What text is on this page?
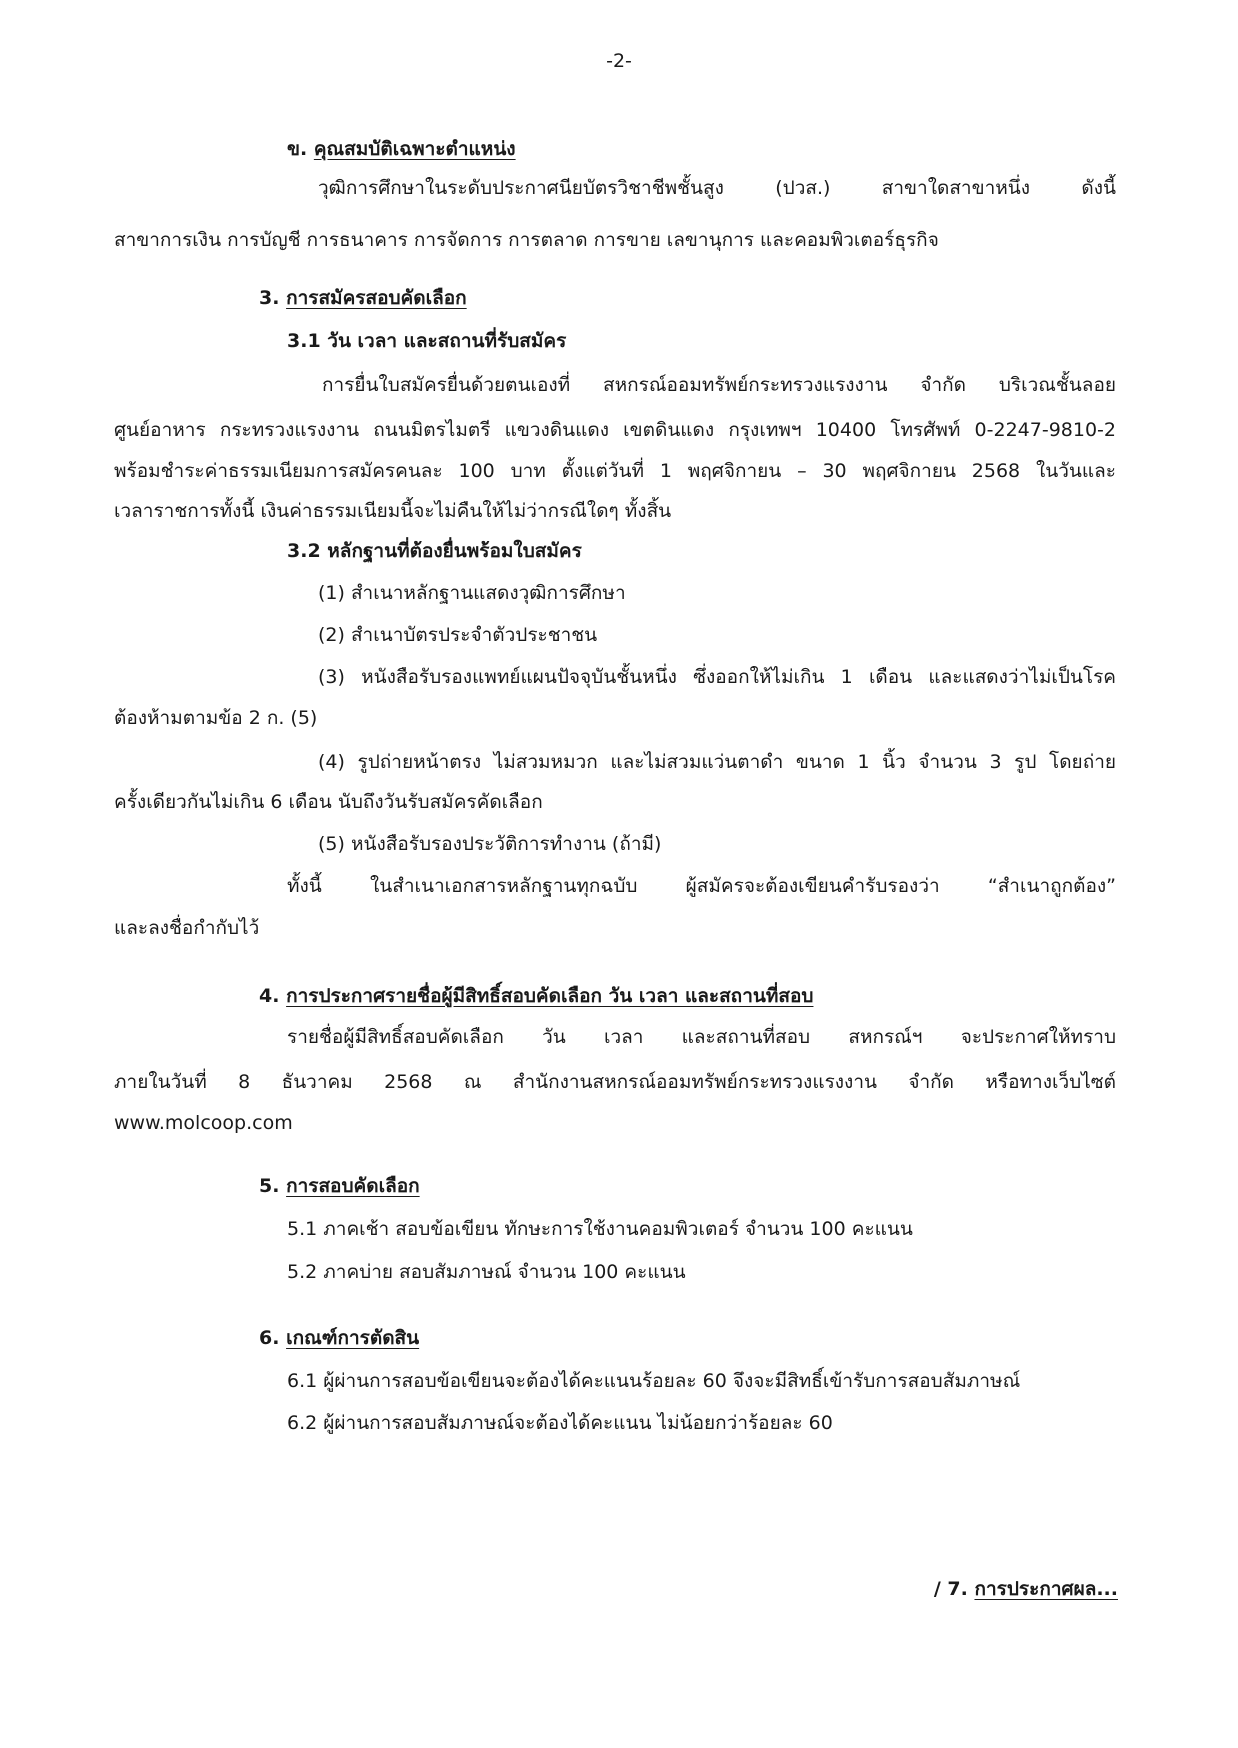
-2-
ข. คุณสมบัติเฉพาะตำแหน่ง
วุฒิการศึกษาในระดับประกาศนียบัตรวิชาชีพชั้นสูง (ปวส.) สาขาใดสาขาหนึ่ง ดังนี้
สาขาการเงิน การบัญชี การธนาคาร การจัดการ การตลาด การขาย เลขานุการ และคอมพิวเตอร์ธุรกิจ
3. การสมัครสอบคัดเลือก
3.1 วัน เวลา และสถานที่รับสมัคร
การยื่นใบสมัครยื่นด้วยตนเองที่ สหกรณ์ออมทรัพย์กระทรวงแรงงาน จำกัด บริเวณชั้นลอย
ศูนย์อาหาร กระทรวงแรงงาน ถนนมิตรไมตรี แขวงดินแดง เขตดินแดง กรุงเทพฯ 10400 โทรศัพท์ 0-2247-9810-2
พร้อมชำระค่าธรรมเนียมการสมัครคนละ 100 บาท ตั้งแต่วันที่ 1 พฤศจิกายน – 30 พฤศจิกายน 2568 ในวันและ
เวลาราชการทั้งนี้ เงินค่าธรรมเนียมนี้จะไม่คืนให้ไม่ว่ากรณีใดๆ ทั้งสิ้น
3.2 หลักฐานที่ต้องยื่นพร้อมใบสมัคร
(1) สำเนาหลักฐานแสดงวุฒิการศึกษา
(2) สำเนาบัตรประจำตัวประชาชน
(3) หนังสือรับรองแพทย์แผนปัจจุบันชั้นหนึ่ง ซึ่งออกให้ไม่เกิน 1 เดือน และแสดงว่าไม่เป็นโรค
ต้องห้ามตามข้อ 2 ก. (5)
(4) รูปถ่ายหน้าตรง ไม่สวมหมวก และไม่สวมแว่นตาดำ ขนาด 1 นิ้ว จำนวน 3 รูป โดยถ่าย
ครั้งเดียวกันไม่เกิน 6 เดือน นับถึงวันรับสมัครคัดเลือก
(5) หนังสือรับรองประวัติการทำงาน (ถ้ามี)
ทั้งนี้ ในสำเนาเอกสารหลักฐานทุกฉบับ ผู้สมัครจะต้องเขียนคำรับรองว่า “สำเนาถูกต้อง”
และลงชื่อกำกับไว้
4. การประกาศรายชื่อผู้มีสิทธิ์สอบคัดเลือก วัน เวลา และสถานที่สอบ
รายชื่อผู้มีสิทธิ์สอบคัดเลือก วัน เวลา และสถานที่สอบ สหกรณ์ฯ จะประกาศให้ทราบ
ภายในวันที่ 8 ธันวาคม 2568 ณ สำนักงานสหกรณ์ออมทรัพย์กระทรวงแรงงาน จำกัด หรือทางเว็บไซต์
www.molcoop.com
5. การสอบคัดเลือก
5.1 ภาคเช้า สอบข้อเขียน ทักษะการใช้งานคอมพิวเตอร์ จำนวน 100 คะแนน
5.2 ภาคบ่าย สอบสัมภาษณ์ จำนวน 100 คะแนน
6. เกณฑ์การตัดสิน
6.1 ผู้ผ่านการสอบข้อเขียนจะต้องได้คะแนนร้อยละ 60 จึงจะมีสิทธิ์เข้ารับการสอบสัมภาษณ์
6.2 ผู้ผ่านการสอบสัมภาษณ์จะต้องได้คะแนน ไม่น้อยกว่าร้อยละ 60
/ 7. การประกาศผล...
